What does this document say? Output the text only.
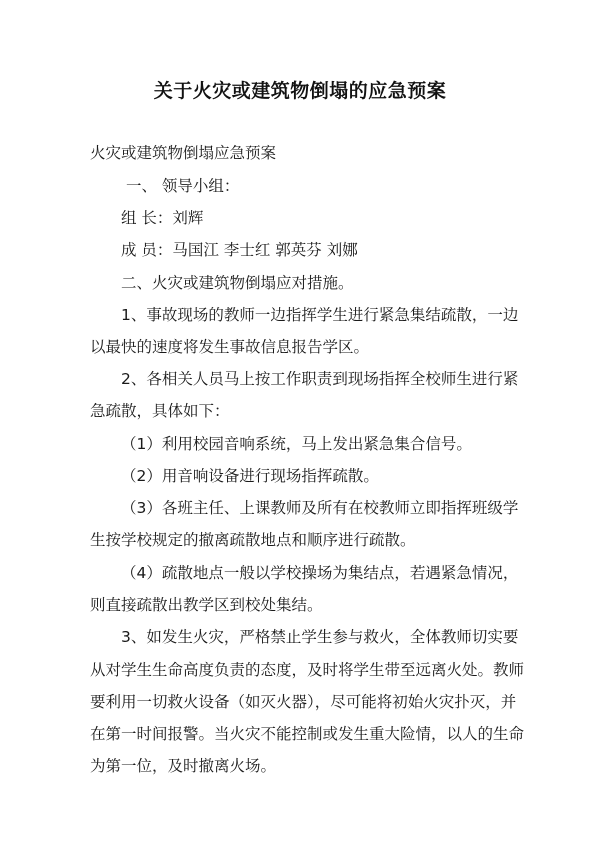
关于火灾或建筑物倒塌的应急预案
火灾或建筑物倒塌应急预案
一、 领导小组：
组 长：刘辉
成 员：马国江 李士红 郭英芬 刘娜
二、火灾或建筑物倒塌应对措施。
1、事故现场的教师一边指挥学生进行紧急集结疏散，一边
以最快的速度将发生事故信息报告学区。
2、各相关人员马上按工作职责到现场指挥全校师生进行紧
急疏散，具体如下：
（1）利用校园音响系统，马上发出紧急集合信号。
（2）用音响设备进行现场指挥疏散。
（3）各班主任、上课教师及所有在校教师立即指挥班级学
生按学校规定的撤离疏散地点和顺序进行疏散。
（4）疏散地点一般以学校操场为集结点，若遇紧急情况，
则直接疏散出教学区到校处集结。
3、如发生火灾，严格禁止学生参与救火，全体教师切实要
从对学生生命高度负责的态度，及时将学生带至远离火处。教师
要利用一切救火设备（如灭火器），尽可能将初始火灾扑灭，并
在第一时间报警。当火灾不能控制或发生重大险情，以人的生命
为第一位，及时撤离火场。
